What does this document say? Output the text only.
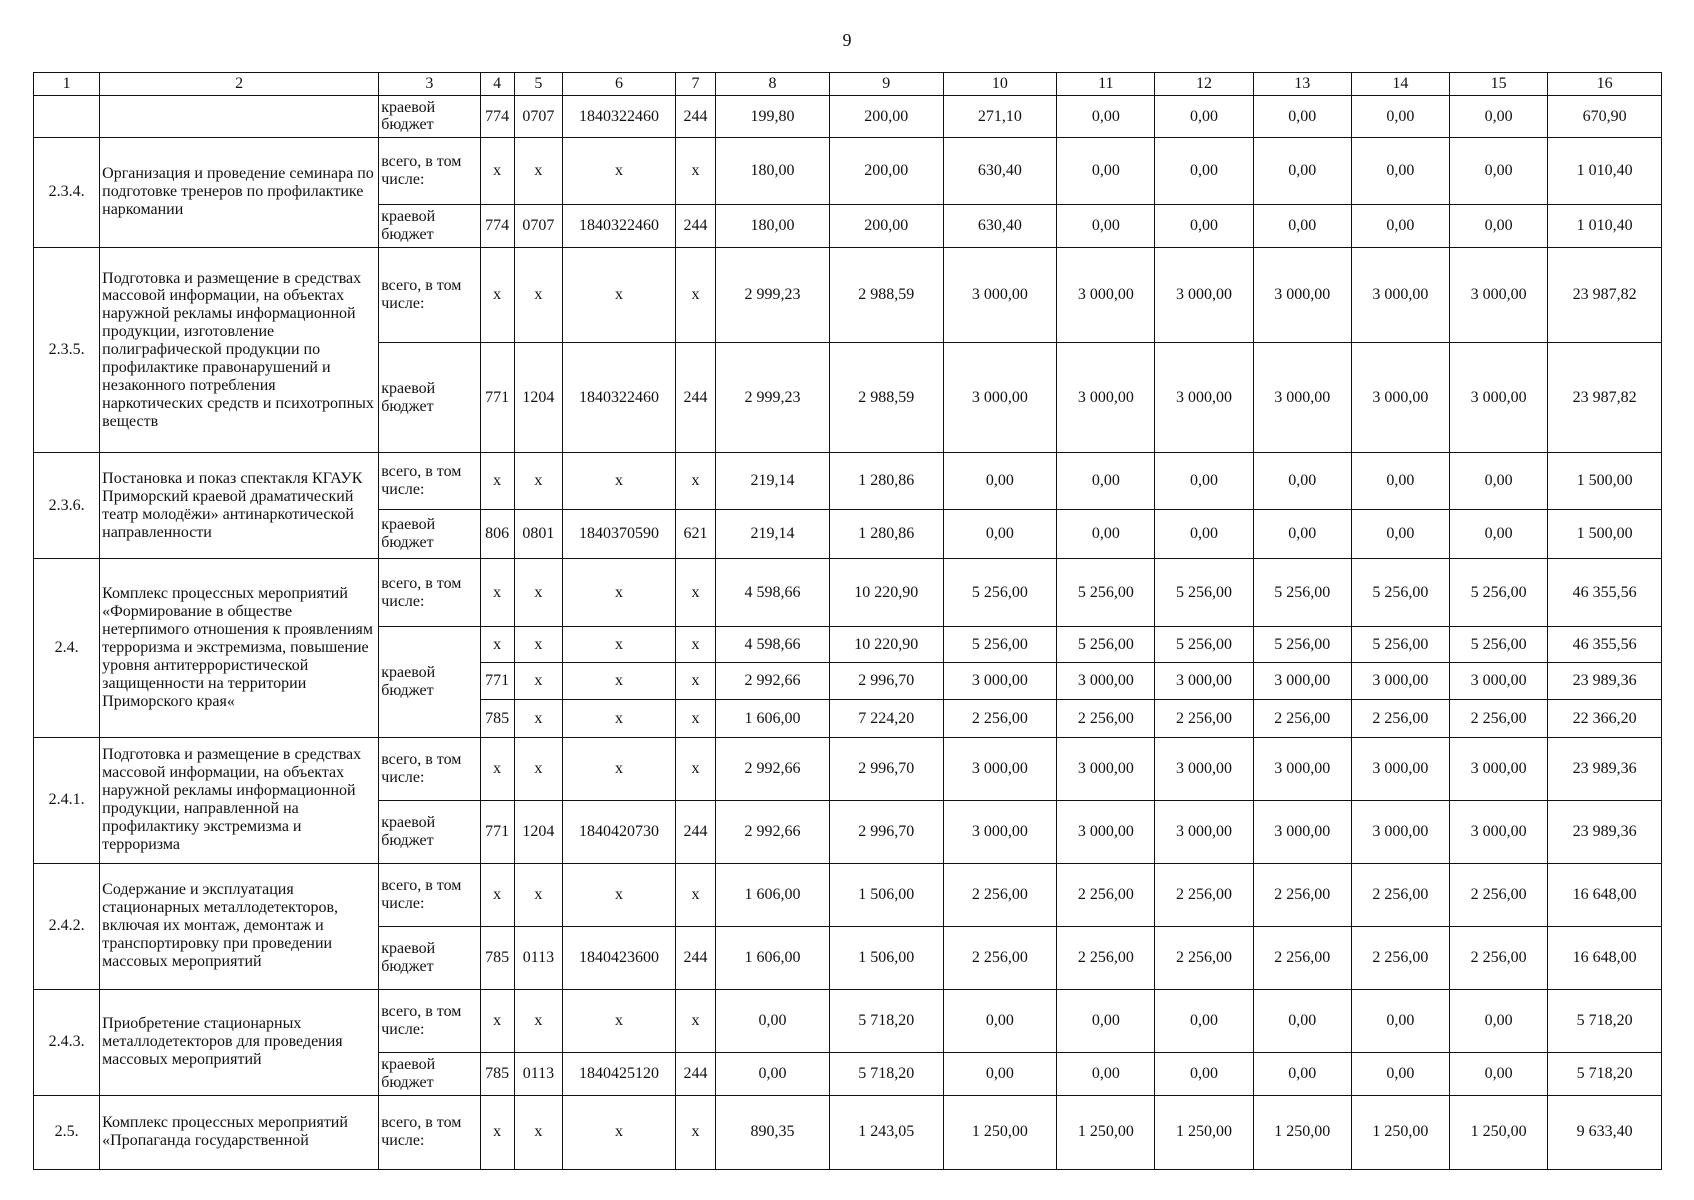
9
1	2	3	4	5	6	7	8	9	10	11	12	13	14	15	16
		краевой бюджет	774	0707	1840322460	244	199,80	200,00	271,10	0,00	0,00	0,00	0,00	0,00	670,90
2.3.4.	Организация и проведение семинара по подготовке тренеров по профилактике наркомании	всего, в том числе:	x	x	x	x	180,00	200,00	630,40	0,00	0,00	0,00	0,00	0,00	1 010,40
		краевой бюджет	774	0707	1840322460	244	180,00	200,00	630,40	0,00	0,00	0,00	0,00	0,00	1 010,40
2.3.5.	Подготовка и размещение в средствах массовой информации, на объектах наружной рекламы информационной продукции, изготовление полиграфической продукции по профилактике правонарушений и незаконного потребления наркотических средств и психотропных веществ	всего, в том числе:	x	x	x	x	2 999,23	2 988,59	3 000,00	3 000,00	3 000,00	3 000,00	3 000,00	3 000,00	23 987,82
		краевой бюджет	771	1204	1840322460	244	2 999,23	2 988,59	3 000,00	3 000,00	3 000,00	3 000,00	3 000,00	3 000,00	23 987,82
2.3.6.	Постановка и показ спектакля КГАУК Приморский краевой драматический театр молодёжи» антинаркотической направленности	всего, в том числе:	x	x	x	x	219,14	1 280,86	0,00	0,00	0,00	0,00	0,00	0,00	1 500,00
		краевой бюджет	806	0801	1840370590	621	219,14	1 280,86	0,00	0,00	0,00	0,00	0,00	0,00	1 500,00
2.4.	Комплекс процессных мероприятий «Формирование в обществе нетерпимого отношения к проявлениям терроризма и экстремизма, повышение уровня антитеррористической защищенности на территории Приморского края«	всего, в том числе:	x	x	x	x	4 598,66	10 220,90	5 256,00	5 256,00	5 256,00	5 256,00	5 256,00	5 256,00	46 355,56
		краевой бюджет	x	x	x	x	4 598,66	10 220,90	5 256,00	5 256,00	5 256,00	5 256,00	5 256,00	5 256,00	46 355,56
			771	x	x	x	2 992,66	2 996,70	3 000,00	3 000,00	3 000,00	3 000,00	3 000,00	3 000,00	23 989,36
			785	x	x	x	1 606,00	7 224,20	2 256,00	2 256,00	2 256,00	2 256,00	2 256,00	2 256,00	22 366,20
2.4.1.	Подготовка и размещение в средствах массовой информации, на объектах наружной рекламы информационной продукции, направленной на профилактику экстремизма и терроризма	всего, в том числе:	x	x	x	x	2 992,66	2 996,70	3 000,00	3 000,00	3 000,00	3 000,00	3 000,00	3 000,00	23 989,36
		краевой бюджет	771	1204	1840420730	244	2 992,66	2 996,70	3 000,00	3 000,00	3 000,00	3 000,00	3 000,00	3 000,00	23 989,36
2.4.2.	Содержание и эксплуатация стационарных металлодетекторов, включая их монтаж, демонтаж и транспортировку при проведении массовых мероприятий	всего, в том числе:	x	x	x	x	1 606,00	1 506,00	2 256,00	2 256,00	2 256,00	2 256,00	2 256,00	2 256,00	16 648,00
		краевой бюджет	785	0113	1840423600	244	1 606,00	1 506,00	2 256,00	2 256,00	2 256,00	2 256,00	2 256,00	2 256,00	16 648,00
2.4.3.	Приобретение стационарных металлодетекторов для проведения массовых мероприятий	всего, в том числе:	x	x	x	x	0,00	5 718,20	0,00	0,00	0,00	0,00	0,00	0,00	5 718,20
		краевой бюджет	785	0113	1840425120	244	0,00	5 718,20	0,00	0,00	0,00	0,00	0,00	0,00	5 718,20
2.5.	Комплекс процессных мероприятий «Пропаганда государственной	всего, в том числе:	x	x	x	x	890,35	1 243,05	1 250,00	1 250,00	1 250,00	1 250,00	1 250,00	1 250,00	9 633,40
